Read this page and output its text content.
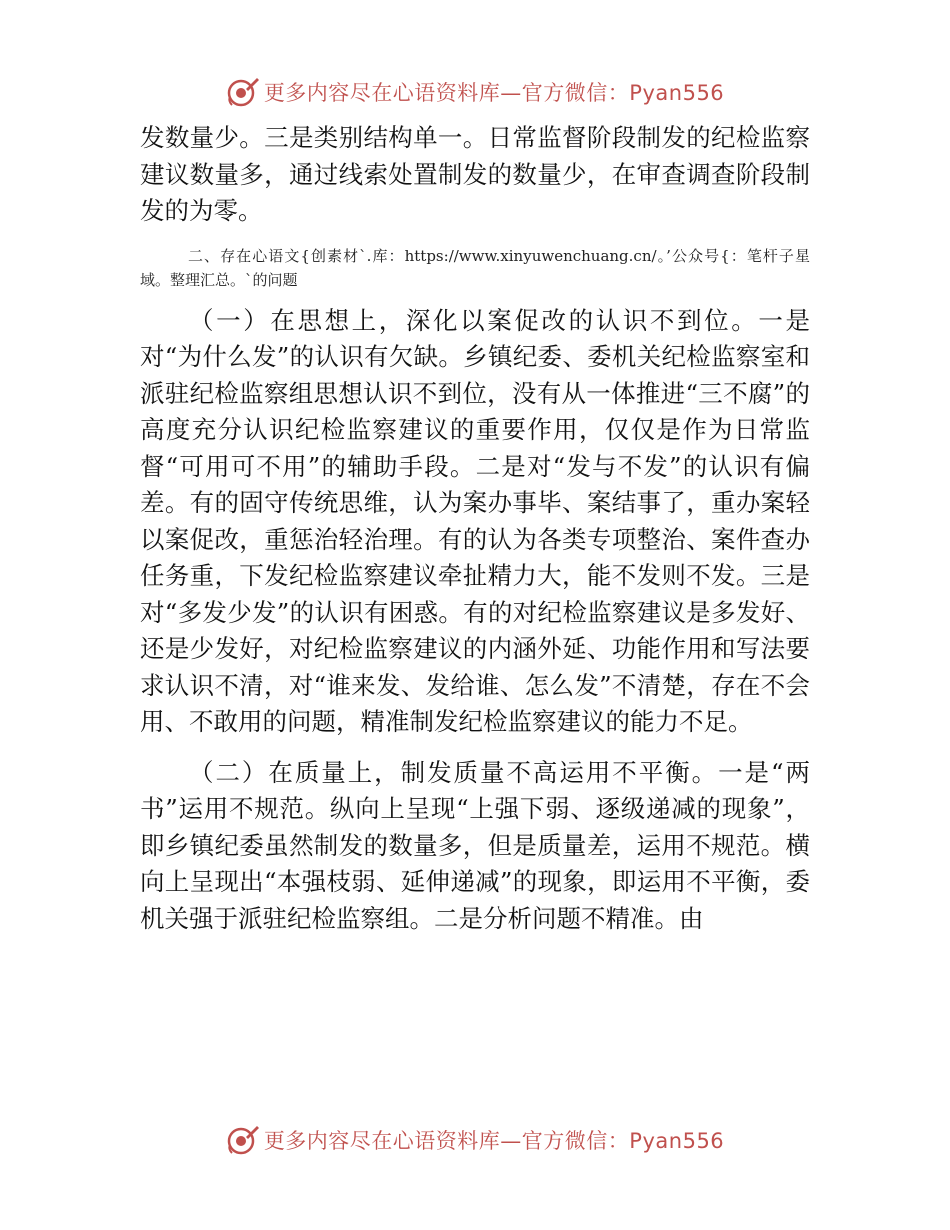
更多内容尽在心语资料库—官方微信：Pyan556

发数量少。三是类别结构单一。日常监督阶段制发的纪检监察建议数量多，通过线索处置制发的数量少，在审查调查阶段制发的为零。

二、存在心语文{创素材`.库：https://www.xinyuwenchuang.cn/。’公众号{：笔杆子星域。整理汇总。`的问题

（一）在思想上，深化以案促改的认识不到位。一是对“为什么发”的认识有欠缺。乡镇纪委、委机关纪检监察室和派驻纪检监察组思想认识不到位，没有从一体推进“三不腐”的高度充分认识纪检监察建议的重要作用，仅仅是作为日常监督“可用可不用”的辅助手段。二是对“发与不发”的认识有偏差。有的固守传统思维，认为案办事毕、案结事了，重办案轻以案促改，重惩治轻治理。有的认为各类专项整治、案件查办任务重，下发纪检监察建议牵扯精力大，能不发则不发。三是对“多发少发”的认识有困惑。有的对纪检监察建议是多发好、还是少发好，对纪检监察建议的内涵外延、功能作用和写法要求认识不清，对“谁来发、发给谁、怎么发”不清楚，存在不会用、不敢用的问题，精准制发纪检监察建议的能力不足。

（二）在质量上，制发质量不高运用不平衡。一是“两书”运用不规范。纵向上呈现“上强下弱、逐级递减的现象”，即乡镇纪委虽然制发的数量多，但是质量差，运用不规范。横向上呈现出“本强枝弱、延伸递减”的现象，即运用不平衡，委机关强于派驻纪检监察组。二是分析问题不精准。由

更多内容尽在心语资料库—官方微信：Pyan556
